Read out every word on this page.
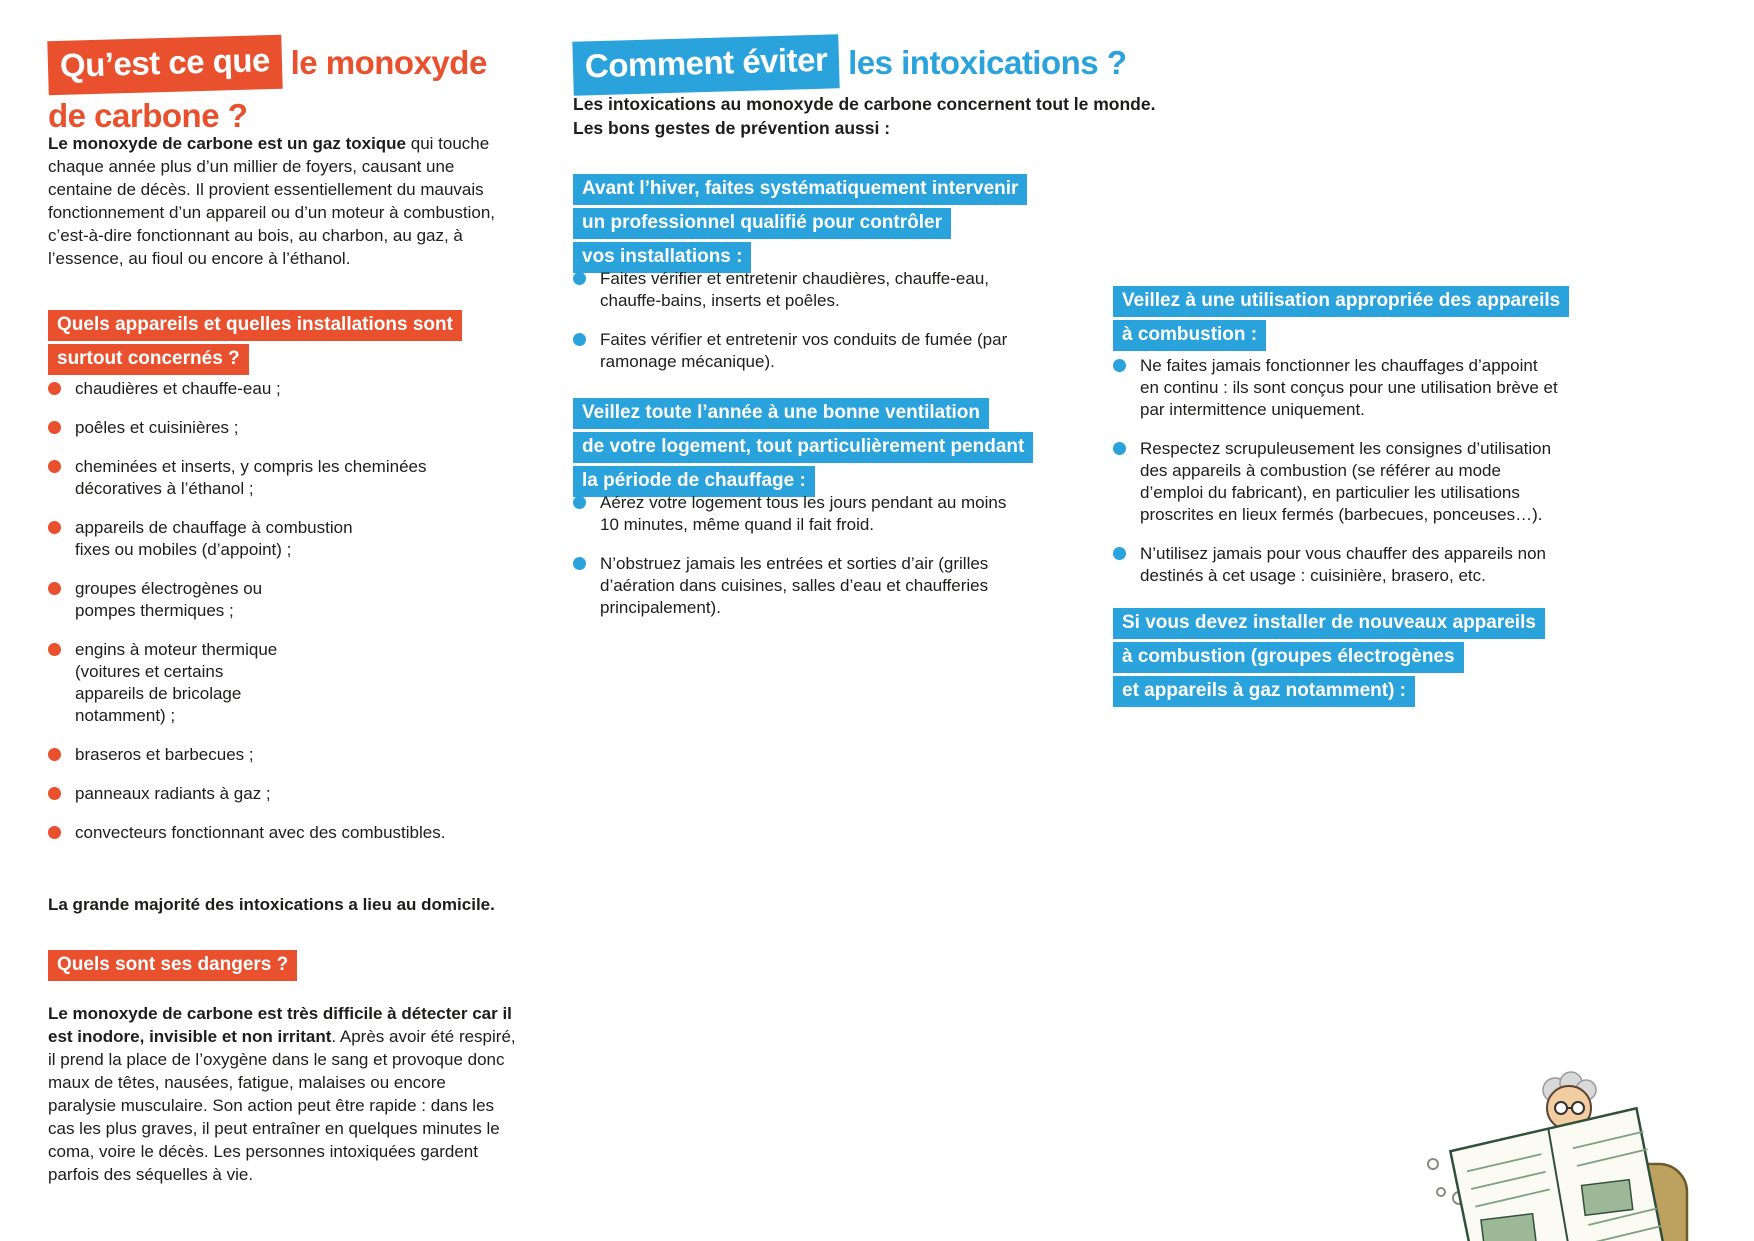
Qu’est ce que le monoxyde
de carbone ?

Le monoxyde de carbone est un gaz toxique qui touche chaque année plus d’un millier de foyers, causant une centaine de décès. Il provient essentiellement du mauvais fonctionnement d’un appareil ou d’un moteur à combustion, c’est-à-dire fonctionnant au bois, au charbon, au gaz, à l’essence, au fioul ou encore à l’éthanol.

Quels appareils et quelles installations sont
surtout concernés ?
chaudières et chauffe-eau ;
poêles et cuisinières ;
cheminées et inserts, y compris les cheminées décoratives à l’éthanol ;
appareils de chauffage à combustion fixes ou mobiles (d’appoint) ;
groupes électrogènes ou pompes thermiques ;
engins à moteur thermique (voitures et certains appareils de bricolage notamment) ;
braseros et barbecues ;
panneaux radiants à gaz ;
convecteurs fonctionnant avec des combustibles.

La grande majorité des intoxications a lieu au domicile.

Quels sont ses dangers ?

Le monoxyde de carbone est très difficile à détecter car il est inodore, invisible et non irritant. Après avoir été respiré, il prend la place de l’oxygène dans le sang et provoque donc maux de têtes, nausées, fatigue, malaises ou encore paralysie musculaire. Son action peut être rapide : dans les cas les plus graves, il peut entraîner en quelques minutes le coma, voire le décès. Les personnes intoxiquées gardent parfois des séquelles à vie.

Comment éviter les intoxications ?
Les intoxications au monoxyde de carbone concernent tout le monde.
Les bons gestes de prévention aussi :
Avant l’hiver, faites systématiquement intervenir
un professionnel qualifié pour contrôler
vos installations :
Faites vérifier et entretenir chaudières, chauffe-eau, chauffe-bains, inserts et poêles.
Faites vérifier et entretenir vos conduits de fumée (par ramonage mécanique).
Veillez toute l’année à une bonne ventilation
de votre logement, tout particulièrement pendant
la période de chauffage :
Aérez votre logement tous les jours pendant au moins 10 minutes, même quand il fait froid.
N’obstruez jamais les entrées et sorties d’air (grilles d’aération dans cuisines, salles d’eau et chaufferies principalement).
Veillez à une utilisation appropriée des appareils
à combustion :
Ne faites jamais fonctionner les chauffages d’appoint en continu : ils sont conçus pour une utilisation brève et par intermittence uniquement.
Respectez scrupuleusement les consignes d’utilisation des appareils à combustion (se référer au mode d’emploi du fabricant), en particulier les utilisations proscrites en lieux fermés (barbecues, ponceuses…).
N’utilisez jamais pour vous chauffer des appareils non destinés à cet usage : cuisinière, brasero, etc.
Si vous devez installer de nouveaux appareils
à combustion (groupes électrogènes
et appareils à gaz notamment) :
